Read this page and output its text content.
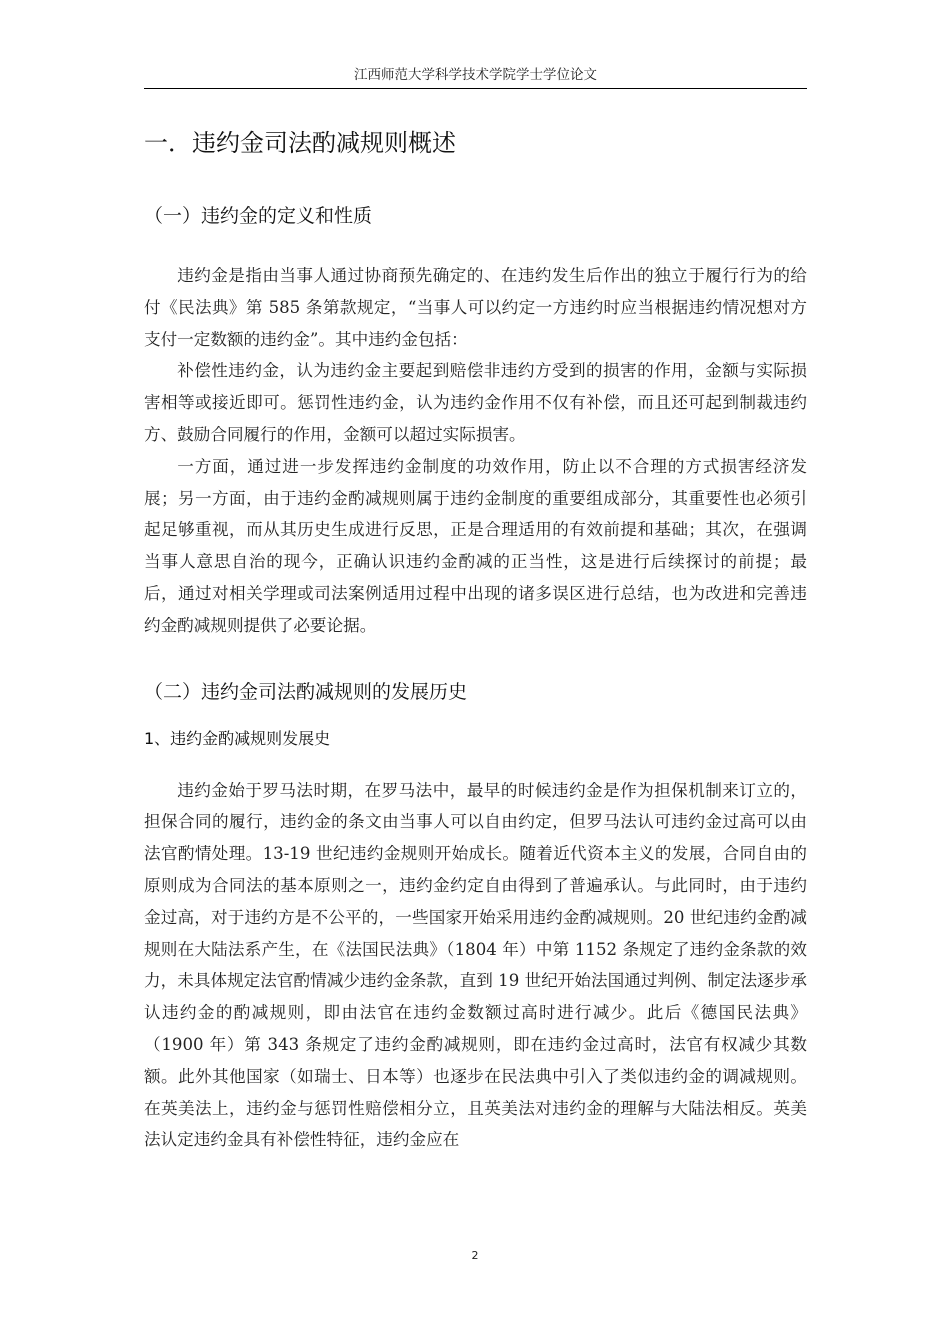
江西师范大学科学技术学院学士学位论文
一．违约金司法酌减规则概述
（一）违约金的定义和性质

违约金是指由当事人通过协商预先确定的、在违约发生后作出的独立于履行行为的给付《民法典》第 585 条第款规定，“当事人可以约定一方违约时应当根据违约情况想对方支付一定数额的违约金”。其中违约金包括：

补偿性违约金，认为违约金主要起到赔偿非违约方受到的损害的作用，金额与实际损害相等或接近即可。惩罚性违约金，认为违约金作用不仅有补偿，而且还可起到制裁违约方、鼓励合同履行的作用，金额可以超过实际损害。

一方面，通过进一步发挥违约金制度的功效作用，防止以不合理的方式损害经济发展；另一方面，由于违约金酌减规则属于违约金制度的重要组成部分，其重要性也必须引起足够重视，而从其历史生成进行反思，正是合理适用的有效前提和基础；其次，在强调当事人意思自治的现今，正确认识违约金酌减的正当性，这是进行后续探讨的前提；最后，通过对相关学理或司法案例适用过程中出现的诸多误区进行总结，也为改进和完善违约金酌减规则提供了必要论据。

（二）违约金司法酌减规则的发展历史
1、违约金酌减规则发展史

违约金始于罗马法时期，在罗马法中，最早的时候违约金是作为担保机制来订立的，担保合同的履行，违约金的条文由当事人可以自由约定，但罗马法认可违约金过高可以由法官酌情处理。13-19 世纪违约金规则开始成长。随着近代资本主义的发展，合同自由的原则成为合同法的基本原则之一，违约金约定自由得到了普遍承认。与此同时，由于违约金过高，对于违约方是不公平的，一些国家开始采用违约金酌减规则。20 世纪违约金酌减规则在大陆法系产生，在《法国民法典》（1804 年）中第 1152 条规定了违约金条款的效力，未具体规定法官酌情减少违约金条款，直到 19 世纪开始法国通过判例、制定法逐步承认违约金的酌减规则，即由法官在违约金数额过高时进行减少。此后《德国民法典》（1900 年）第 343 条规定了违约金酌减规则，即在违约金过高时，法官有权减少其数额。此外其他国家（如瑞士、日本等）也逐步在民法典中引入了类似违约金的调减规则。在英美法上，违约金与惩罚性赔偿相分立，且英美法对违约金的理解与大陆法相反。英美法认定违约金具有补偿性特征，违约金应在

2
